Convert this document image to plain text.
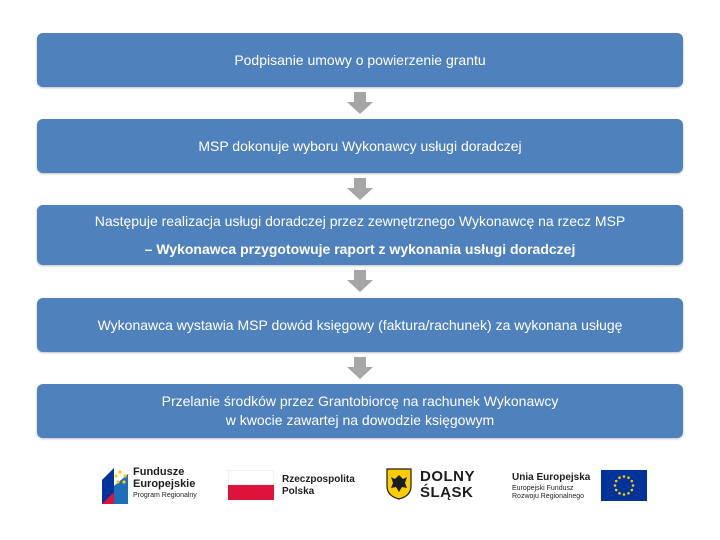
Podpisanie umowy o powierzenie grantu
MSP dokonuje wyboru Wykonawcy usługi doradczej
Następuje realizacja usługi doradczej przez zewnętrznego Wykonawcę na rzecz MSP
– Wykonawca przygotowuje raport z wykonania usługi doradczej
Wykonawca wystawia MSP dowód księgowy (faktura/rachunek) za wykonana usługę
Przelanie środków przez Grantobiorcę na rachunek Wykonawcy
w kwocie zawartej na dowodzie księgowym
Fundusze
Europejskie
Program Regionalny
Rzeczpospolita
Polska
DOLNY
ŚLĄSK
Unia Europejska
Europejski Fundusz
Rozwoju Regionalnego
